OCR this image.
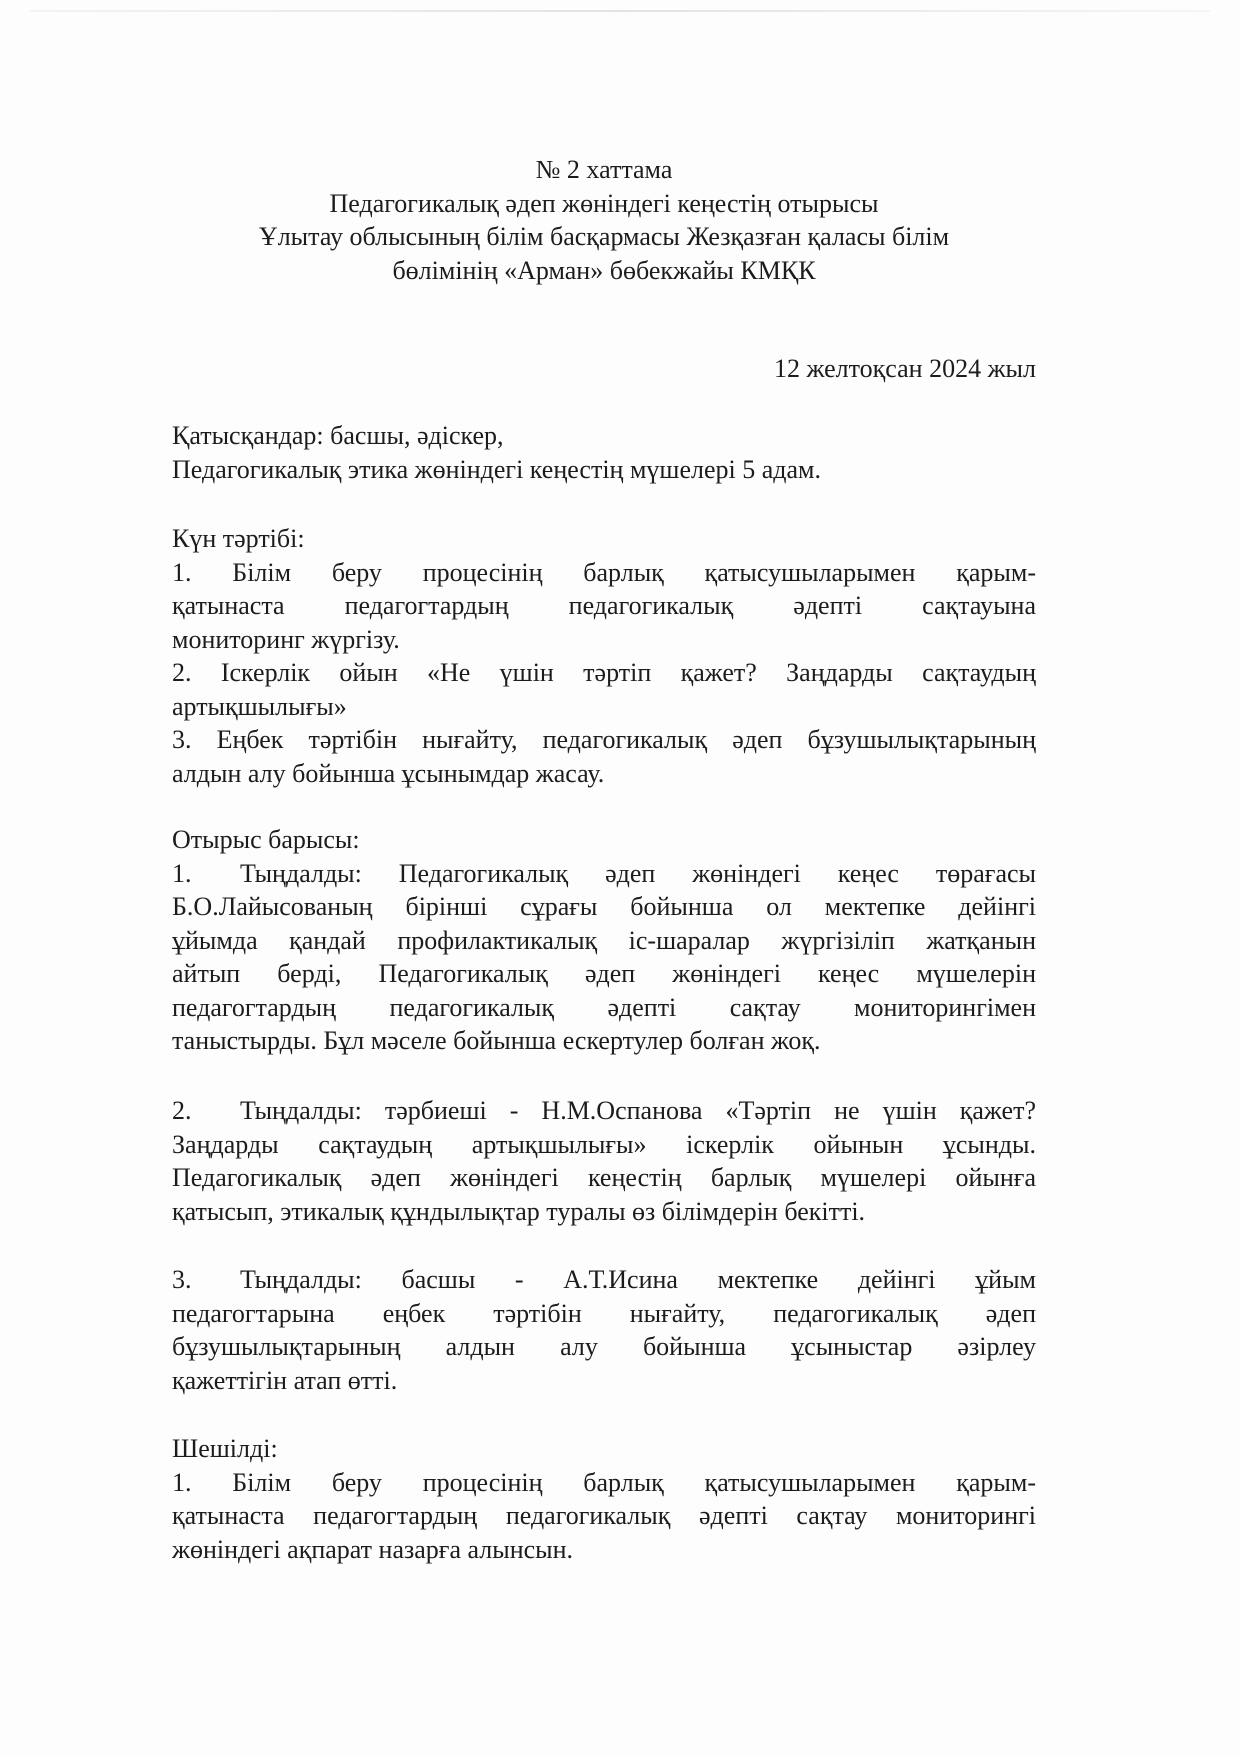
№ 2 хаттама
Педагогикалық әдеп жөніндегі кеңестің отырысы
Ұлытау облысының білім басқармасы Жезқазған қаласы білім
бөлімінің «Арман» бөбекжайы КМҚК
12 желтоқсан 2024 жыл
Қатысқандар: басшы, әдіскер,
Педагогикалық этика жөніндегі кеңестің мүшелері 5 адам.
Күн тәртібі:
1. Білім беру процесінің барлық қатысушыларымен қарым-
қатынаста педагогтардың педагогикалық әдепті сақтауына
мониторинг жүргізу.
2. Іскерлік ойын «Не үшін тәртіп қажет? Заңдарды сақтаудың
артықшылығы»
3. Еңбек тәртібін нығайту, педагогикалық әдеп бұзушылықтарының
алдын алу бойынша ұсынымдар жасау.
Отырыс барысы:
1. Тыңдалды: Педагогикалық әдеп жөніндегі кеңес төрағасы
Б.О.Лайысованың бірінші сұрағы бойынша ол мектепке дейінгі
ұйымда қандай профилактикалық іс-шаралар жүргізіліп жатқанын
айтып берді, Педагогикалық әдеп жөніндегі кеңес мүшелерін
педагогтардың педагогикалық әдепті сақтау мониторингімен
таныстырды. Бұл мәселе бойынша ескертулер болған жоқ.
2. Тыңдалды: тәрбиеші - Н.М.Оспанова «Тәртіп не үшін қажет?
Заңдарды сақтаудың артықшылығы» іскерлік ойынын ұсынды.
Педагогикалық әдеп жөніндегі кеңестің барлық мүшелері ойынға
қатысып, этикалық құндылықтар туралы өз білімдерін бекітті.
3. Тыңдалды: басшы - А.Т.Исина мектепке дейінгі ұйым
педагогтарына еңбек тәртібін нығайту, педагогикалық әдеп
бұзушылықтарының алдын алу бойынша ұсыныстар әзірлеу
қажеттігін атап өтті.
Шешілді:
1. Білім беру процесінің барлық қатысушыларымен қарым-
қатынаста педагогтардың педагогикалық әдепті сақтау мониторингі
жөніндегі ақпарат назарға алынсын.
